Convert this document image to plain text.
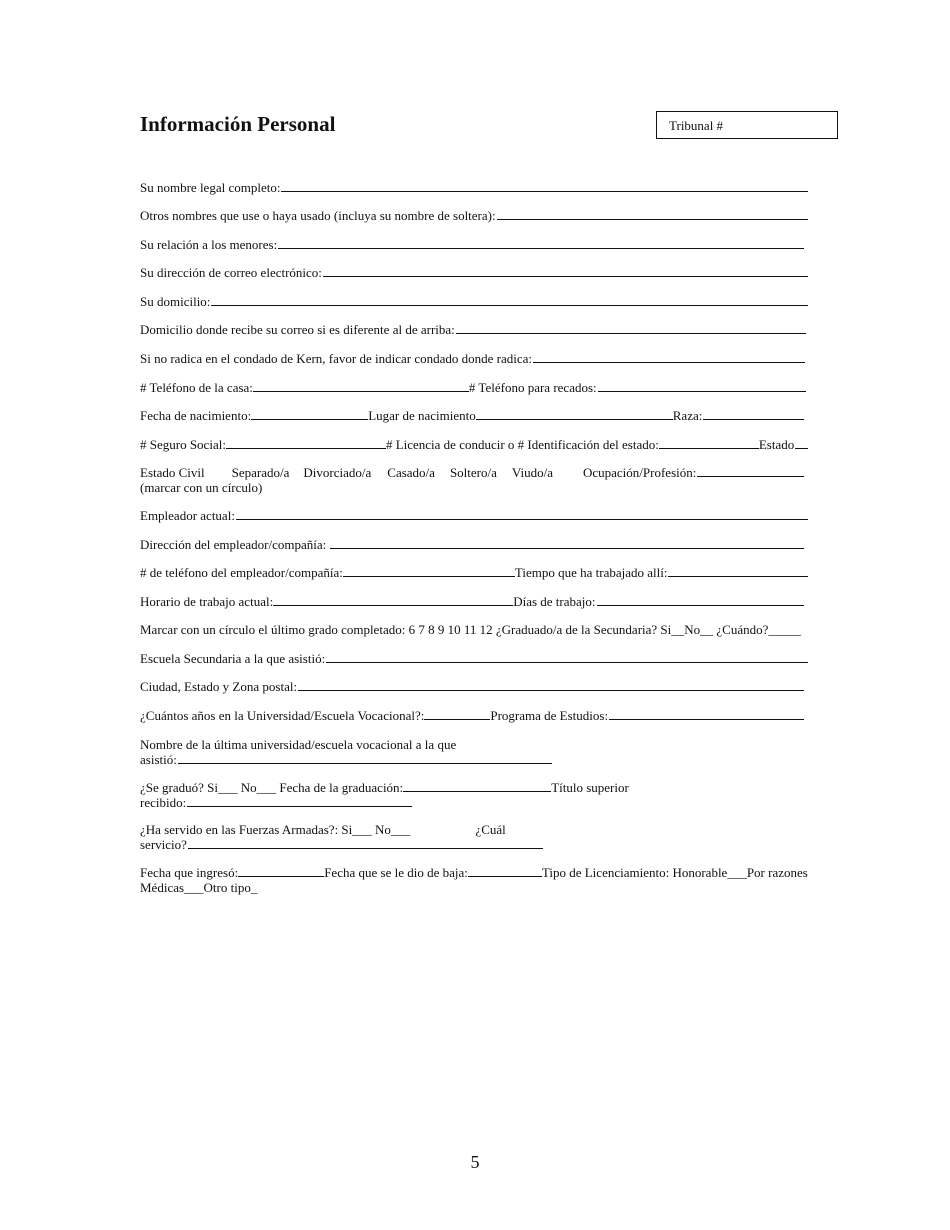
Información Personal	Tribunal #
Su nombre legal completo:
Otros nombres que use o haya usado (incluya su nombre de soltera):
Su relación a los menores:
Su dirección de correo electrónico:
Su domicilio:
Domicilio donde recibe su correo si es diferente al de arriba:
Si no radica en el condado de Kern, favor de indicar condado donde radica:
# Teléfono de la casa:	# Teléfono para recados:
Fecha de nacimiento:	Lugar de nacimiento	Raza:
# Seguro Social:	# Licencia de conducir o # Identificación del estado:	Estado
Estado Civil Separado/a Divorciado/a Casado/a Soltero/a Viudo/a Ocupación/Profesión:
(marcar con un círculo)
Empleador actual:
Dirección del empleador/compañía:
# de teléfono del empleador/compañía:	Tiempo que ha trabajado allí:
Horario de trabajo actual:	Días de trabajo:
Marcar con un círculo el último grado completado: 6 7 8 9 10 11 12 ¿Graduado/a de la Secundaria? Si__No__ ¿Cuándo?_____
Escuela Secundaria a la que asistió:
Ciudad, Estado y Zona postal:
¿Cuántos años en la Universidad/Escuela Vocacional?:	Programa de Estudios:
Nombre de la última universidad/escuela vocacional a la que
asistió:
¿Se graduó? Si___ No___ Fecha de la graduación:	Título superior
recibido:
¿Ha servido en las Fuerzas Armadas?: Si___ No___	¿Cuál
servicio?
Fecha que ingresó:	Fecha que se le dio de baja:	Tipo de Licenciamiento: Honorable___Por razones
Médicas___Otro tipo_
5
